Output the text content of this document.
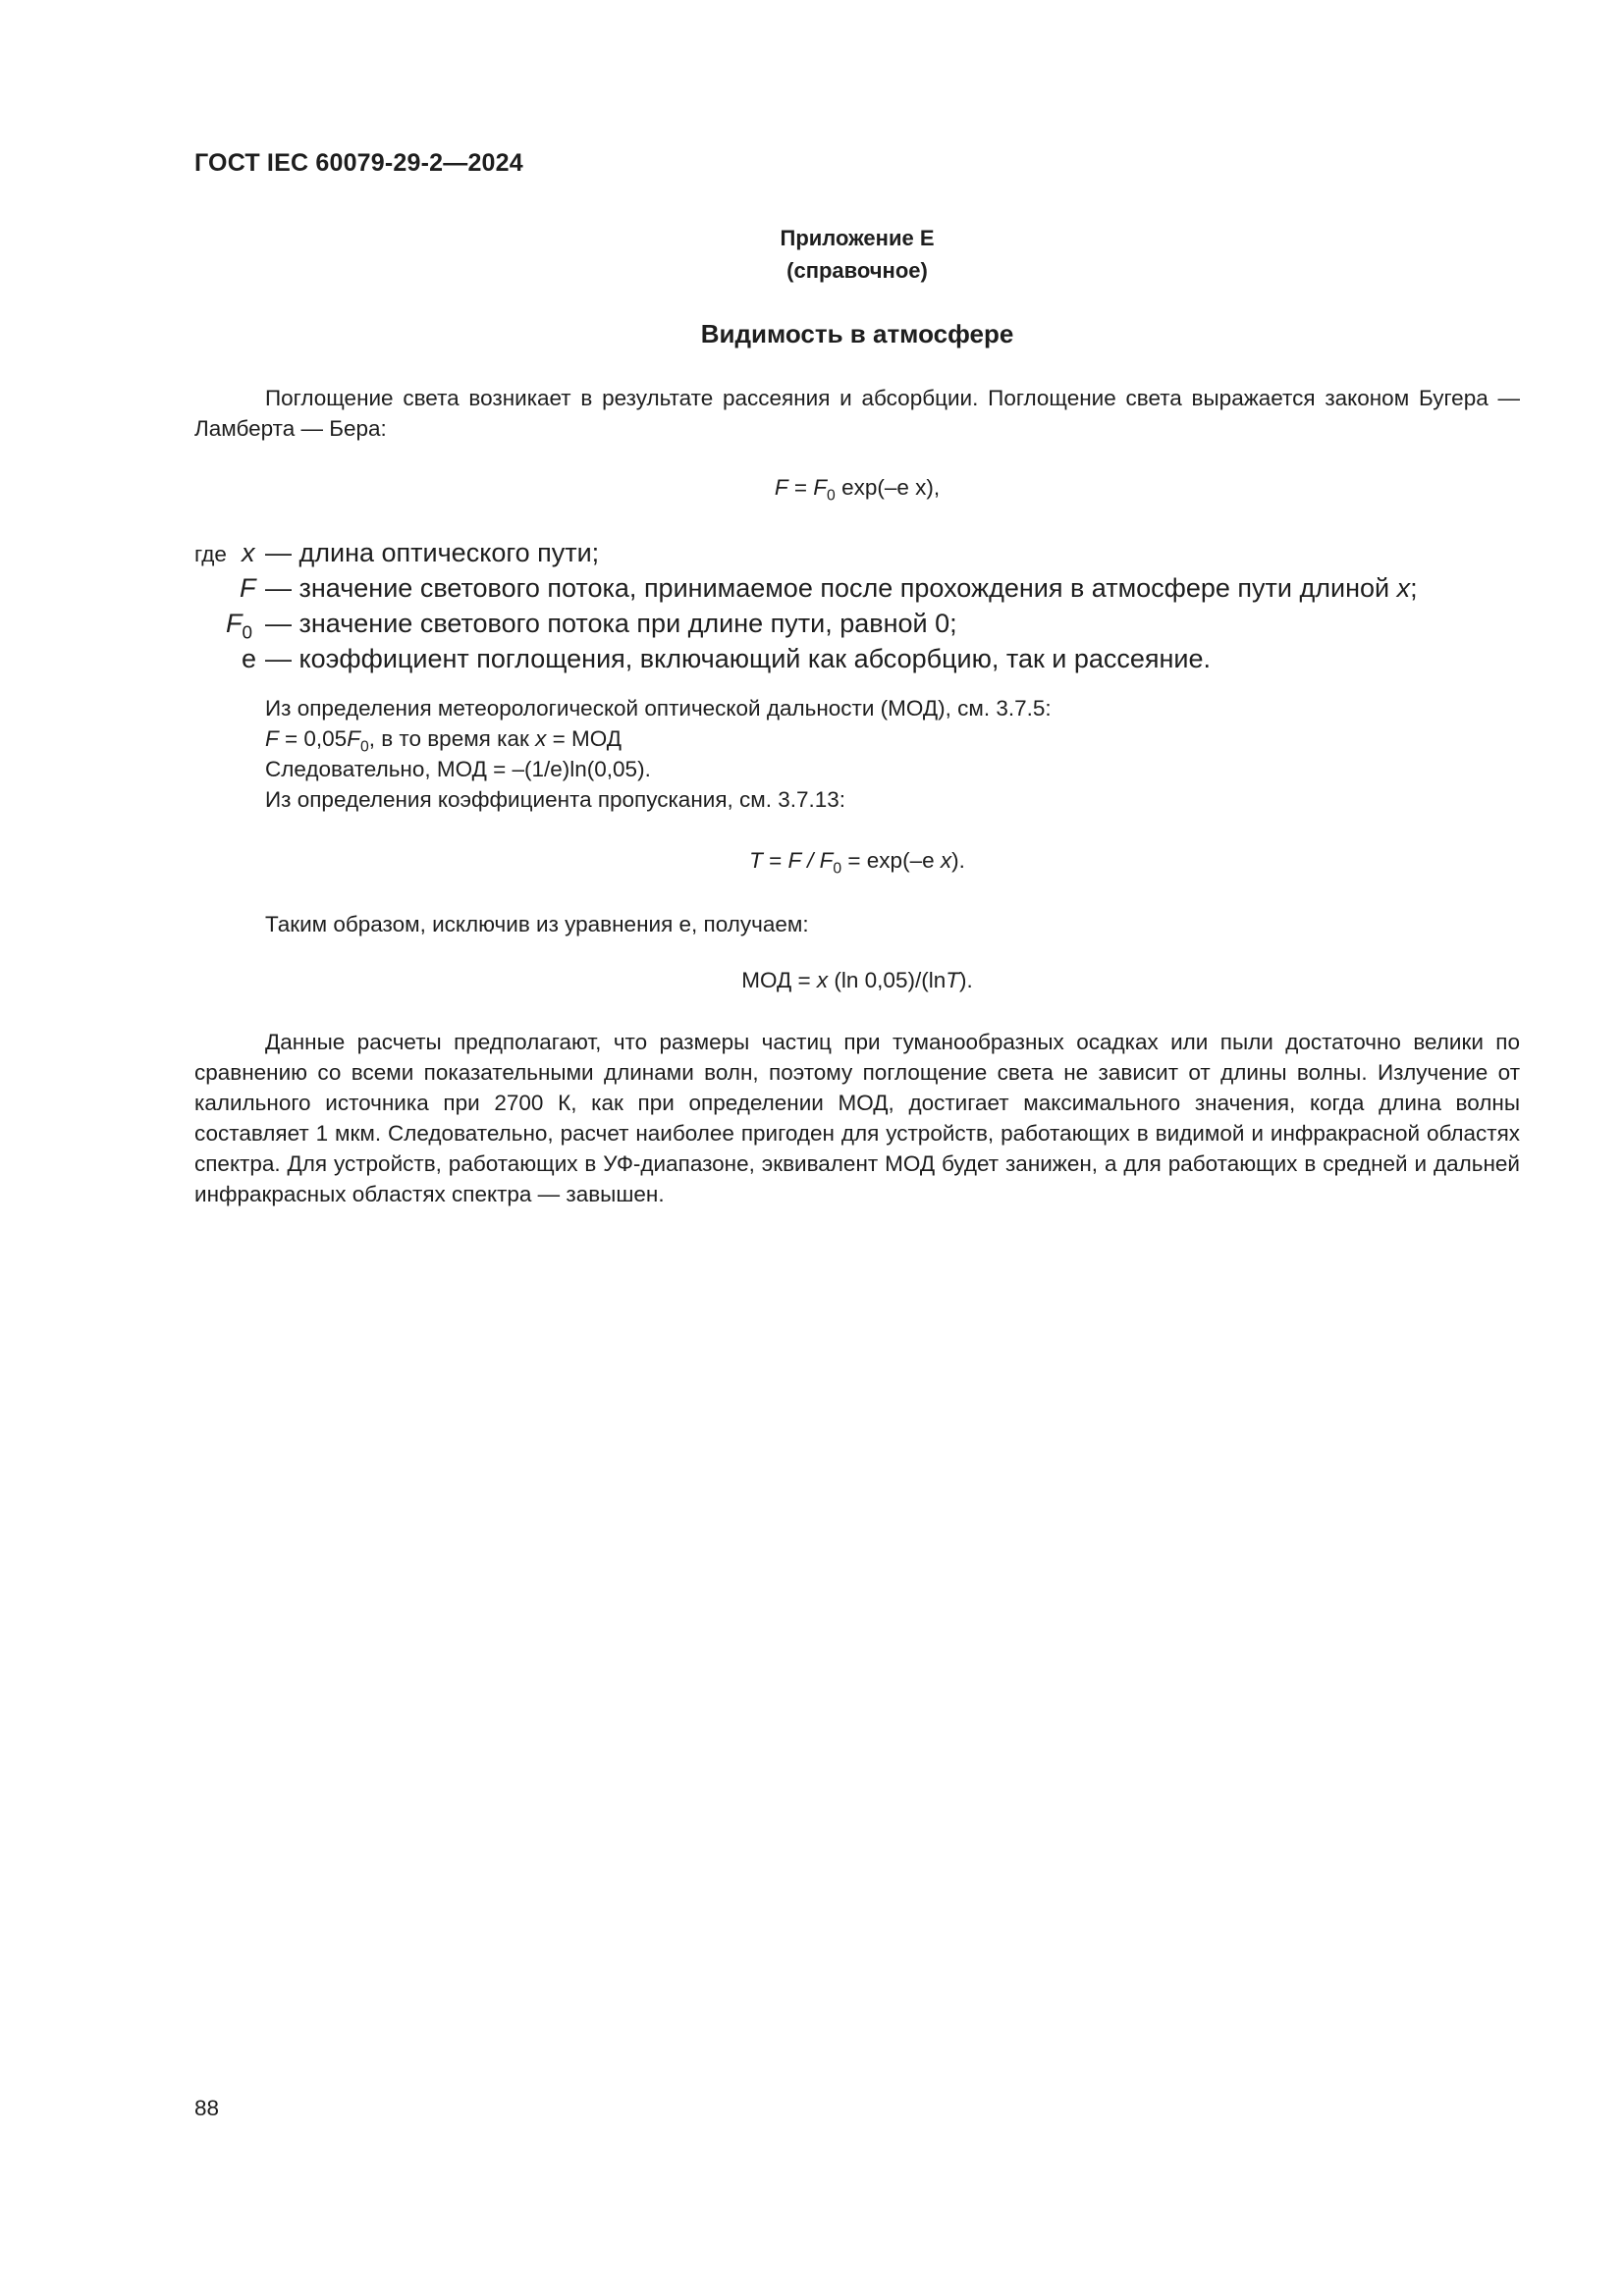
ГОСТ IEC 60079-29-2—2024
Приложение Е
(справочное)
Видимость в атмосфере
Поглощение света возникает в результате рассеяния и абсорбции. Поглощение света выражается законом Бугера — Ламберта — Бера:
$F = F_0$ exp(–e x),
где x — длина оптического пути;
F — значение светового потока, принимаемое после прохождения в атмосфере пути длиной x;
$F_0$ — значение светового потока при длине пути, равной 0;
e — коэффициент поглощения, включающий как абсорбцию, так и рассеяние.
Из определения метеорологической оптической дальности (МОД), см. 3.7.5:
$F = 0,05F_0$, в то время как x = МОД
Следовательно, МОД = –(1/e)ln(0,05).
Из определения коэффициента пропускания, см. 3.7.13:
$T = F / F_0 = \exp(-e$ x).
Таким образом, исключив из уравнения e, получаем:
МОД = x (ln 0,05)/(lnT).
Данные расчеты предполагают, что размеры частиц при туманообразных осадках или пыли достаточно велики по сравнению со всеми показательными длинами волн, поэтому поглощение света не зависит от длины волны. Излучение от калильного источника при 2700 К, как при определении МОД, достигает максимального значения, когда длина волны составляет 1 мкм. Следовательно, расчет наиболее пригоден для устройств, работающих в видимой и инфракрасной областях спектра. Для устройств, работающих в УФ-диапазоне, эквивалент МОД будет занижен, а для работающих в средней и дальней инфракрасных областях спектра — завышен.
88
